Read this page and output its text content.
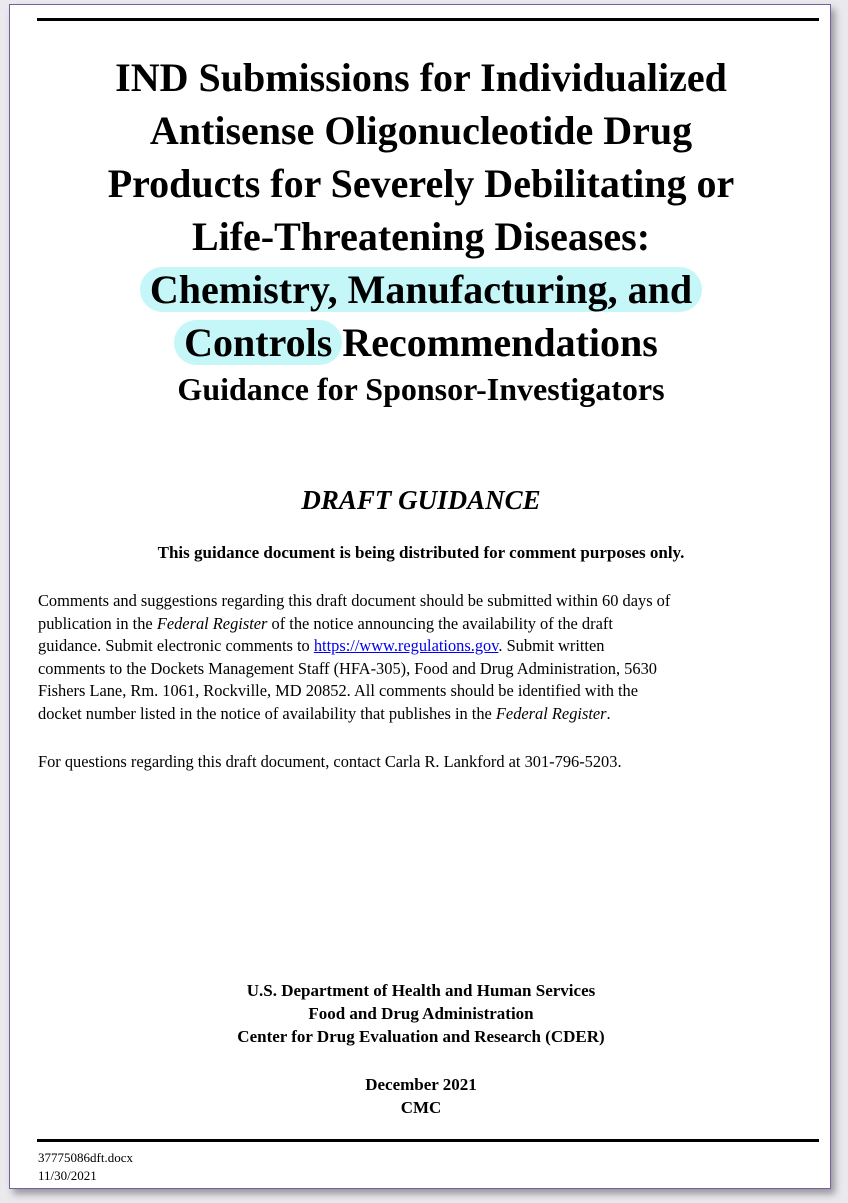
IND Submissions for Individualized
Antisense Oligonucleotide Drug
Products for Severely Debilitating or
Life-Threatening Diseases:
Chemistry, Manufacturing, and
Controls Recommendations
Guidance for Sponsor-Investigators
DRAFT GUIDANCE
This guidance document is being distributed for comment purposes only.
Comments and suggestions regarding this draft document should be submitted within 60 days of
publication in the Federal Register of the notice announcing the availability of the draft
guidance. Submit electronic comments to https://www.regulations.gov. Submit written
comments to the Dockets Management Staff (HFA-305), Food and Drug Administration, 5630
Fishers Lane, Rm. 1061, Rockville, MD 20852. All comments should be identified with the
docket number listed in the notice of availability that publishes in the Federal Register.
For questions regarding this draft document, contact Carla R. Lankford at 301-796-5203.
U.S. Department of Health and Human Services
Food and Drug Administration
Center for Drug Evaluation and Research (CDER)
December 2021
CMC
37775086dft.docx
11/30/2021
